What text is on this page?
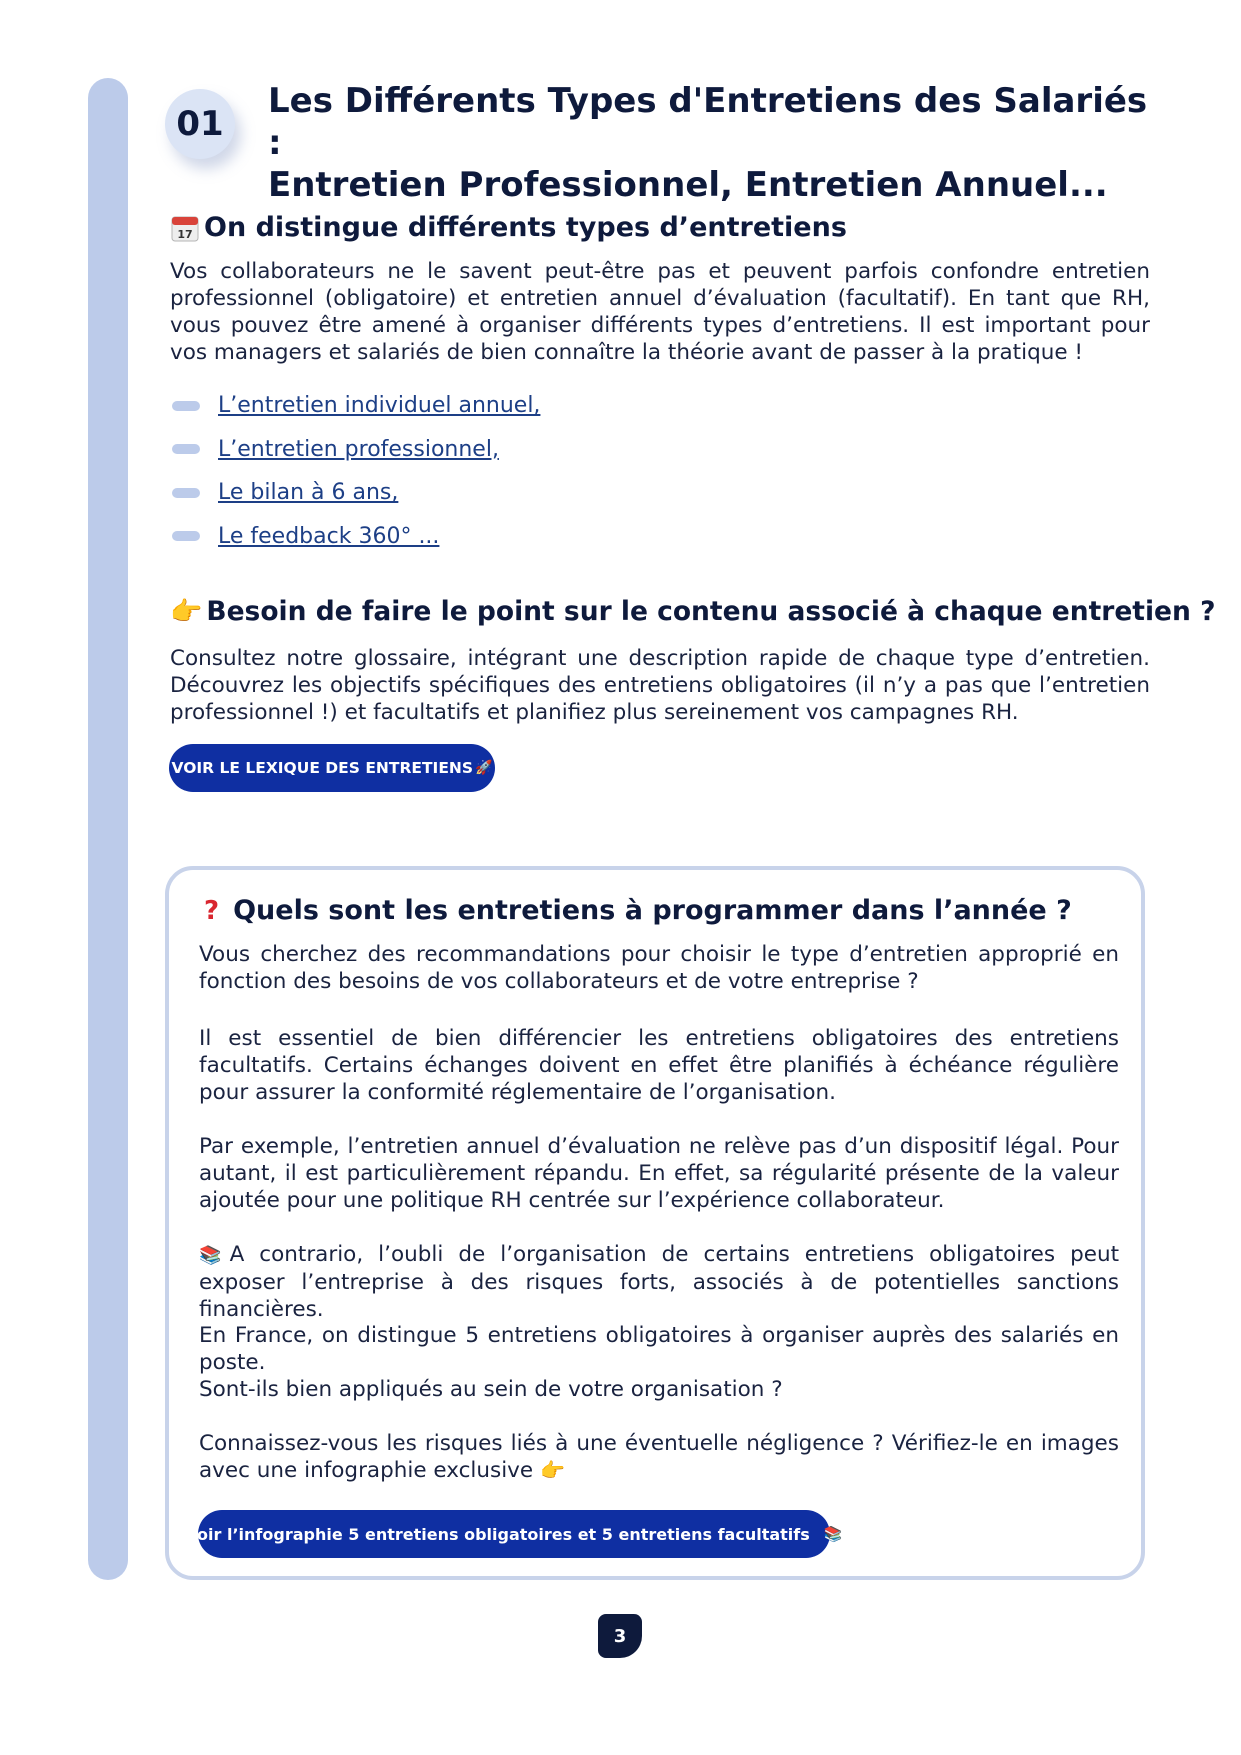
01
Les Différents Types d'Entretiens des Salariés :
Entretien Professionnel, Entretien Annuel...
17 On distingue différents types d’entretiens

Vos collaborateurs ne le savent peut-être pas et peuvent parfois confondre entretien professionnel (obligatoire) et entretien annuel d’évaluation (facultatif). En tant que RH, vous pouvez être amené à organiser différents types d’entretiens. Il est important pour vos managers et salariés de bien connaître la théorie avant de passer à la pratique !

L’entretien individuel annuel,
L’entretien professionnel,
Le bilan à 6 ans,
Le feedback 360° ...
👉 Besoin de faire le point sur le contenu associé à chaque entretien ?

Consultez notre glossaire, intégrant une description rapide de chaque type d’entretien. Découvrez les objectifs spécifiques des entretiens obligatoires (il n’y a pas que l’entretien professionnel !) et facultatifs et planifiez plus sereinement vos campagnes RH.

VOIR LE LEXIQUE DES ENTRETIENS 🚀
? Quels sont les entretiens à programmer dans l’année ?

Vous cherchez des recommandations pour choisir le type d’entretien approprié en fonction des besoins de vos collaborateurs et de votre entreprise ?

Il est essentiel de bien différencier les entretiens obligatoires des entretiens facultatifs. Certains échanges doivent en effet être planifiés à échéance régulière pour assurer la conformité réglementaire de l’organisation.

Par exemple, l’entretien annuel d’évaluation ne relève pas d’un dispositif légal. Pour autant, il est particulièrement répandu. En effet, sa régularité présente de la valeur ajoutée pour une politique RH centrée sur l’expérience collaborateur.

📚A contrario, l’oubli de l’organisation de certains entretiens obligatoires peut exposer l’entreprise à des risques forts, associés à de potentielles sanctions financières.

En France, on distingue 5 entretiens obligatoires à organiser auprès des salariés en poste.
Sont-ils bien appliqués au sein de votre organisation ?

Connaissez-vous les risques liés à une éventuelle négligence ? Vérifiez-le en images avec une infographie exclusive 👉

Voir l’infographie 5 entretiens obligatoires et 5 entretiens facultatifs 📚
3
